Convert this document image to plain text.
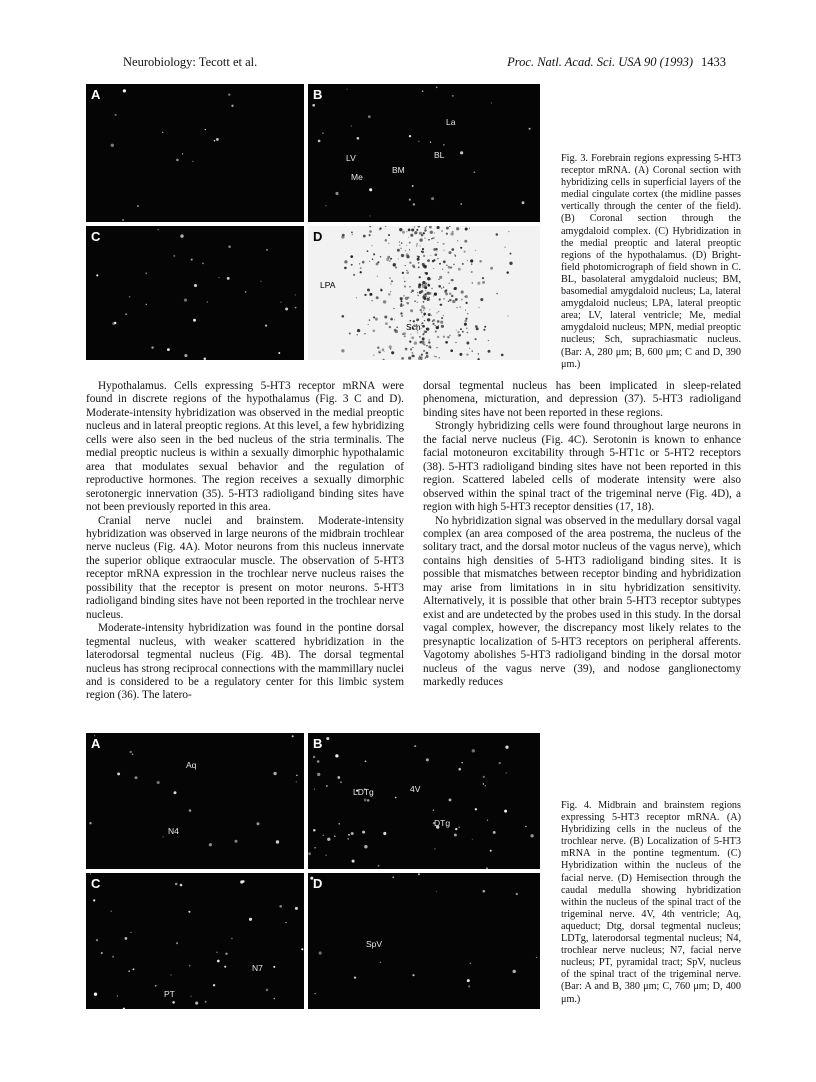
Neurobiology: Tecott et al.	Proc. Natl. Acad. Sci. USA 90 (1993) 1433
A	B
La
LV	BL
BM
Me
C	D
LPA
Sch
Fig. 3. Forebrain regions expressing 5-HT3 receptor mRNA. (A) Coronal section with hybridizing cells in superficial layers of the medial cingulate cortex (the midline passes vertically through the center of the field). (B) Coronal section through the amygdaloid complex. (C) Hybridization in the medial preoptic and lateral preoptic regions of the hypothalamus. (D) Bright-field photomicrograph of field shown in C. BL, basolateral amygdaloid nucleus; BM, basomedial amygdaloid nucleus; La, lateral amygdaloid nucleus; LPA, lateral preoptic area; LV, lateral ventricle; Me, medial amygdaloid nucleus; MPN, medial preoptic nucleus; Sch, suprachiasmatic nucleus. (Bar: A, 280 μm; B, 600 μm; C and D, 390 μm.)

Hypothalamus. Cells expressing 5-HT3 receptor mRNA were found in discrete regions of the hypothalamus (Fig. 3 C and D). Moderate-intensity hybridization was observed in the medial preoptic nucleus and in lateral preoptic regions. At this level, a few hybridizing cells were also seen in the bed nucleus of the stria terminalis. The medial preoptic nucleus is within a sexually dimorphic hypothalamic area that modulates sexual behavior and the regulation of reproductive hormones. The region receives a sexually dimorphic serotonergic innervation (35). 5-HT3 radioligand binding sites have not been previously reported in this area.

Cranial nerve nuclei and brainstem. Moderate-intensity hybridization was observed in large neurons of the midbrain trochlear nerve nucleus (Fig. 4A). Motor neurons from this nucleus innervate the superior oblique extraocular muscle. The observation of 5-HT3 receptor mRNA expression in the trochlear nerve nucleus raises the possibility that the receptor is present on motor neurons. 5-HT3 radioligand binding sites have not been reported in the trochlear nerve nucleus.

Moderate-intensity hybridization was found in the pontine dorsal tegmental nucleus, with weaker scattered hybridization in the laterodorsal tegmental nucleus (Fig. 4B). The dorsal tegmental nucleus has strong reciprocal connections with the mammillary nuclei and is considered to be a regulatory center for this limbic system region (36). The latero-

dorsal tegmental nucleus has been implicated in sleep-related phenomena, micturation, and depression (37). 5-HT3 radioligand binding sites have not been reported in these regions.

Strongly hybridizing cells were found throughout large neurons in the facial nerve nucleus (Fig. 4C). Serotonin is known to enhance facial motoneuron excitability through 5-HT1c or 5-HT2 receptors (38). 5-HT3 radioligand binding sites have not been reported in this region. Scattered labeled cells of moderate intensity were also observed within the spinal tract of the trigeminal nerve (Fig. 4D), a region with high 5-HT3 receptor densities (17, 18).

No hybridization signal was observed in the medullary dorsal vagal complex (an area composed of the area postrema, the nucleus of the solitary tract, and the dorsal motor nucleus of the vagus nerve), which contains high densities of 5-HT3 radioligand binding sites. It is possible that mismatches between receptor binding and hybridization may arise from limitations in in situ hybridization sensitivity. Alternatively, it is possible that other brain 5-HT3 receptor subtypes exist and are undetected by the probes used in this study. In the dorsal vagal complex, however, the discrepancy most likely relates to the presynaptic localization of 5-HT3 receptors on peripheral afferents. Vagotomy abolishes 5-HT3 radioligand binding in the dorsal motor nucleus of the vagus nerve (39), and nodose ganglionectomy markedly reduces

A
Aq
N4
B
LDTg	4V
DTg
C
N7
PT
D
SpV
Fig. 4. Midbrain and brainstem regions expressing 5-HT3 receptor mRNA. (A) Hybridizing cells in the nucleus of the trochlear nerve. (B) Localization of 5-HT3 mRNA in the pontine tegmentum. (C) Hybridization within the nucleus of the facial nerve. (D) Hemisection through the caudal medulla showing hybridization within the nucleus of the spinal tract of the trigeminal nerve. 4V, 4th ventricle; Aq, aqueduct; Dtg, dorsal tegmental nucleus; LDTg, laterodorsal tegmental nucleus; N4, trochlear nerve nucleus; N7, facial nerve nucleus; PT, pyramidal tract; SpV, nucleus of the spinal tract of the trigeminal nerve. (Bar: A and B, 380 μm; C, 760 μm; D, 400 μm.)
